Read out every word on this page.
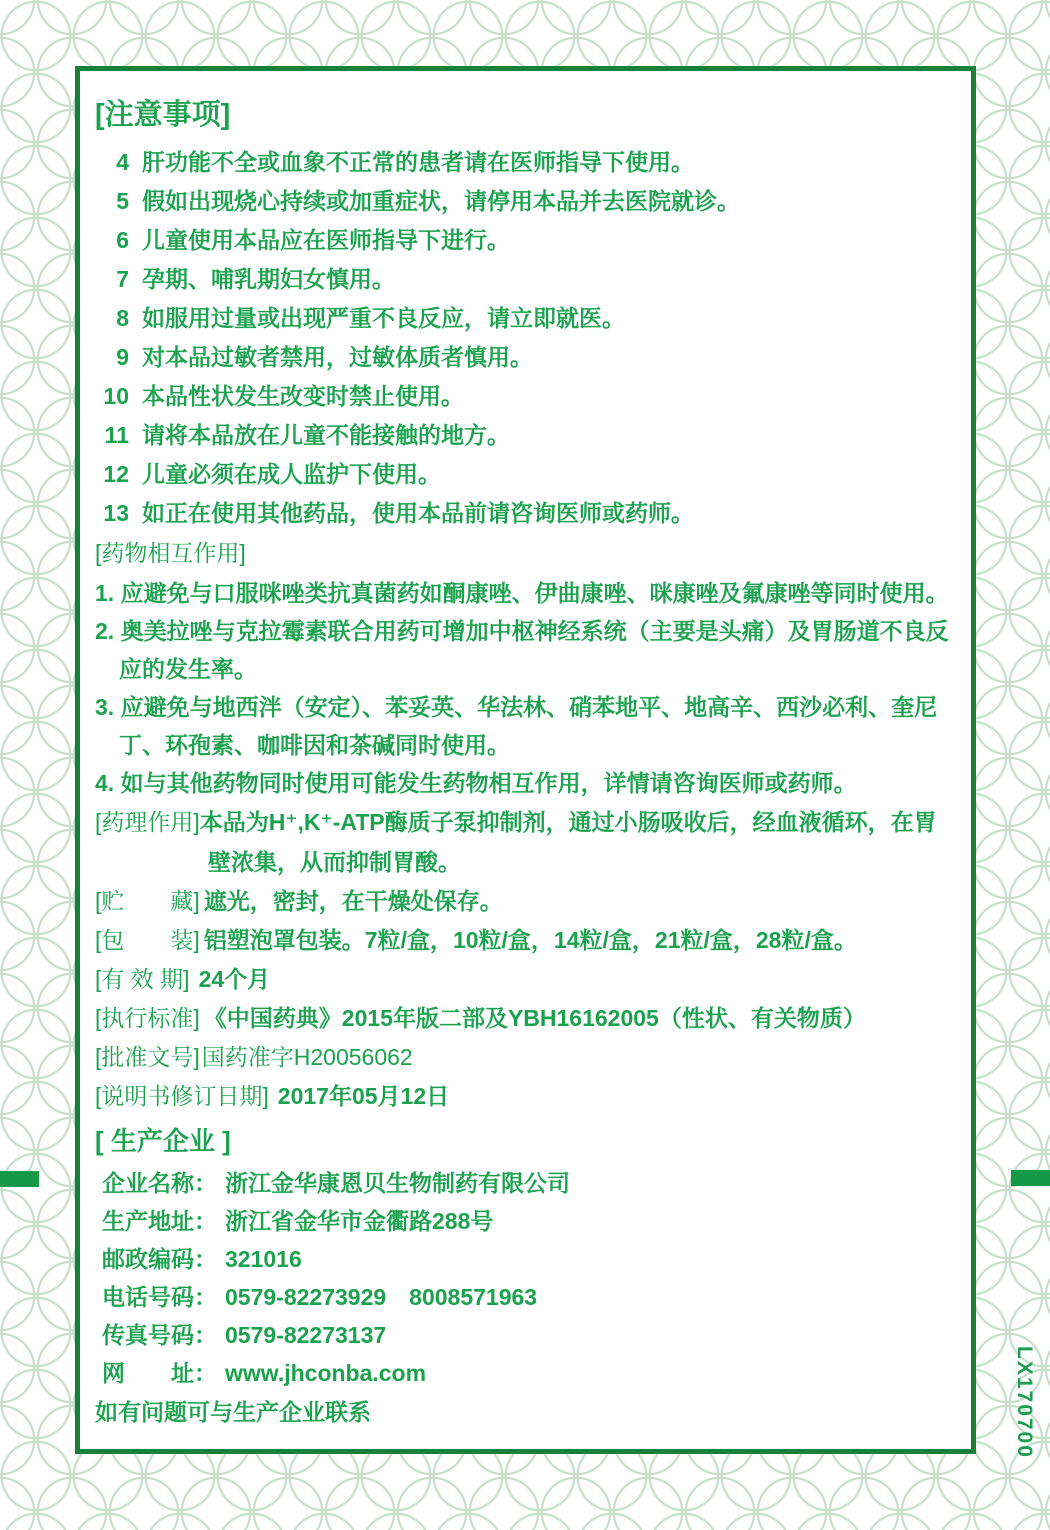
LX170700
[注意事项]
4 肝功能不全或血象不正常的患者请在医师指导下使用。
5 假如出现烧心持续或加重症状，请停用本品并去医院就诊。
6 儿童使用本品应在医师指导下进行。
7 孕期、哺乳期妇女慎用。
8 如服用过量或出现严重不良反应，请立即就医。
9 对本品过敏者禁用，过敏体质者慎用。
10 本品性状发生改变时禁止使用。
11 请将本品放在儿童不能接触的地方。
12 儿童必须在成人监护下使用。
13 如正在使用其他药品，使用本品前请咨询医师或药师。
[药物相互作用]

1. 应避免与口服咪唑类抗真菌药如酮康唑、伊曲康唑、咪康唑及氟康唑等同时使用。

2. 奥美拉唑与克拉霉素联合用药可增加中枢神经系统（主要是头痛）及胃肠道不良反应的发生率。

3. 应避免与地西泮（安定）、苯妥英、华法林、硝苯地平、地高辛、西沙必利、奎尼丁、环孢素、咖啡因和茶碱同时使用。

4. 如与其他药物同时使用可能发生药物相互作用，详情请咨询医师或药师。

[药理作用]本品为H⁺,K⁺-ATP酶质子泵抑制剂，通过小肠吸收后，经血液循环，在胃壁浓集，从而抑制胃酸。

[贮　　藏] 遮光，密封，在干燥处保存。
[包　　装] 铝塑泡罩包装。7粒/盒，10粒/盒，14粒/盒，21粒/盒，28粒/盒。
[有 效 期] 24个月
[执行标准] 《中国药典》2015年版二部及YBH16162005（性状、有关物质）
[批准文号]国药准字H20056062
[说明书修订日期] 2017年05月12日
[ 生产企业 ]
企业名称： 浙江金华康恩贝生物制药有限公司
生产地址： 浙江省金华市金衢路288号
邮政编码： 321016
电话号码： 0579-82273929　8008571963
传真号码： 0579-82273137
网　　址： www.jhconba.com
如有问题可与生产企业联系
